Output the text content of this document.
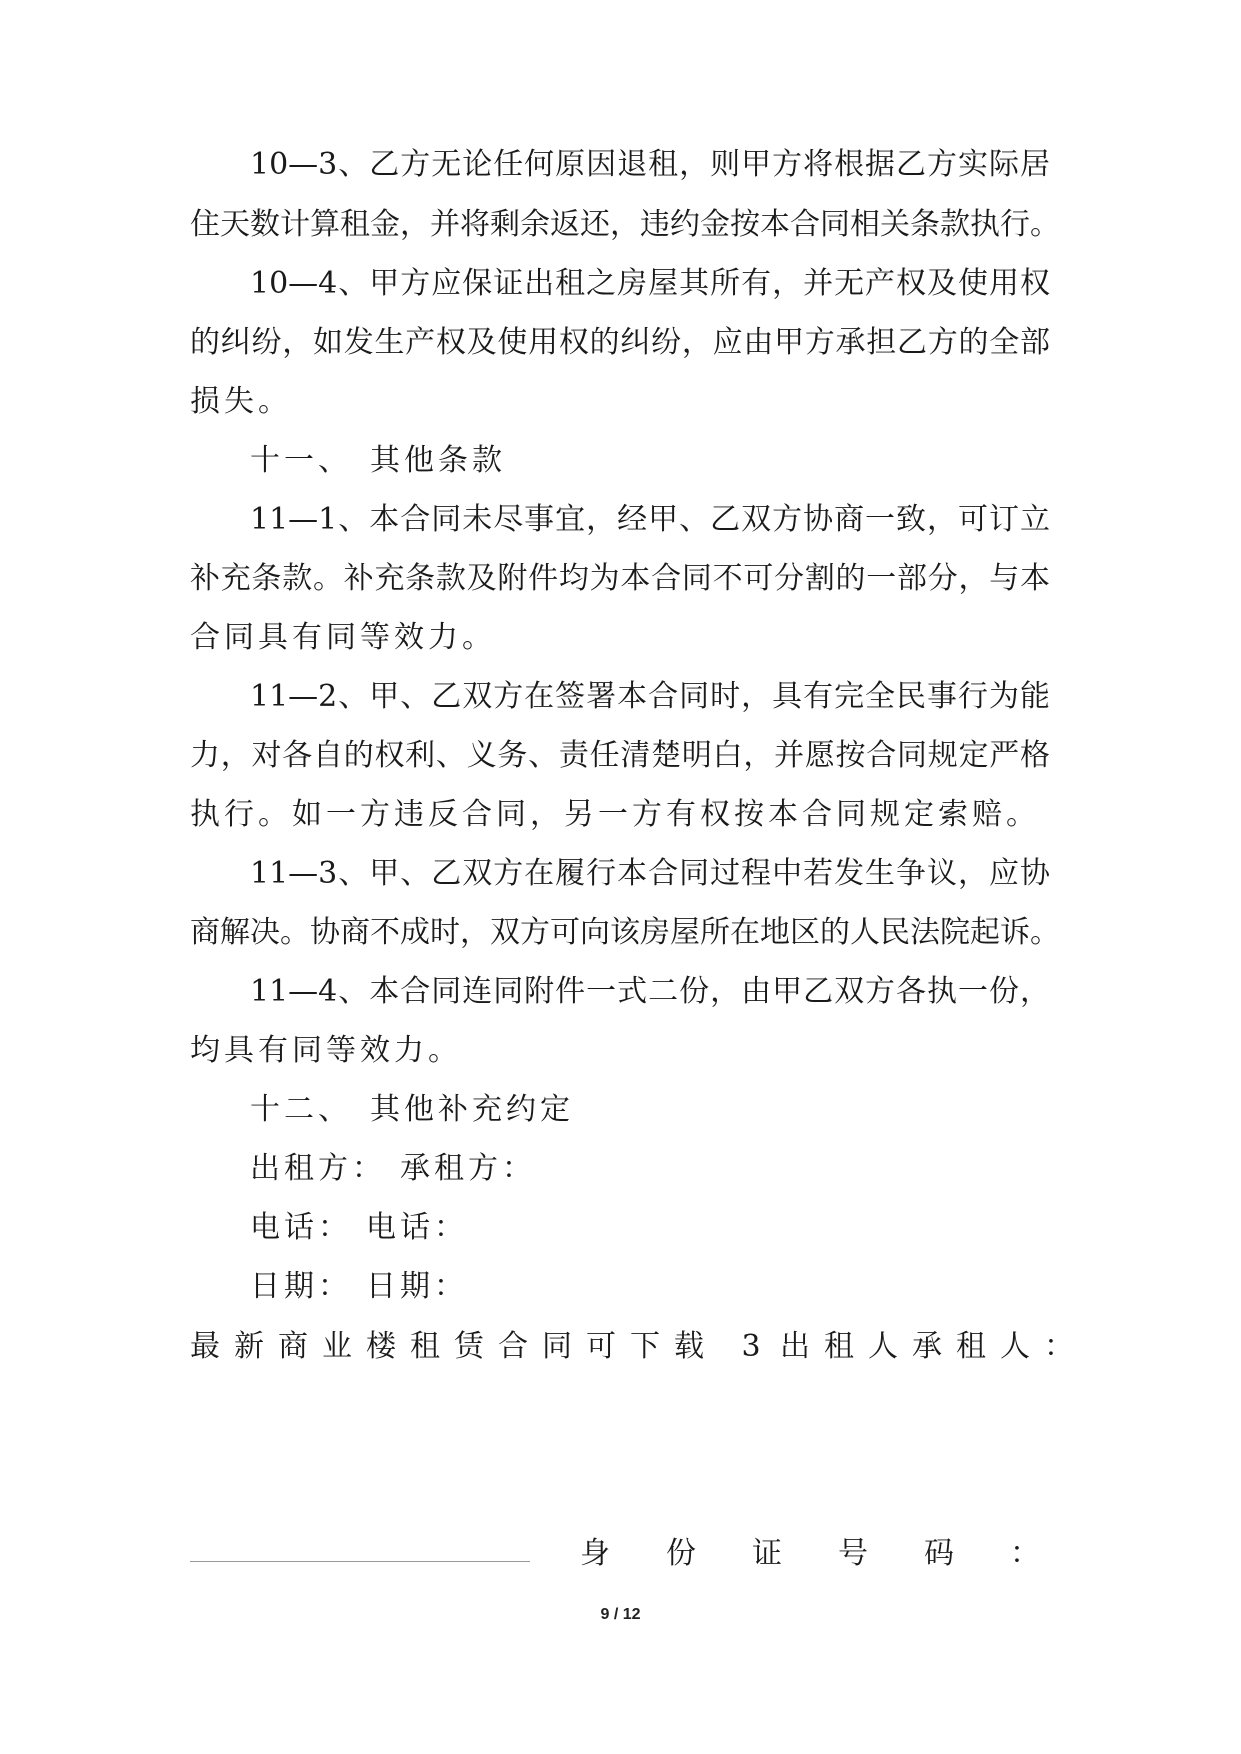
10—3、乙方无论任何原因退租，则甲方将根据乙方实际居
住天数计算租金，并将剩余返还，违约金按本合同相关条款执行。
10—4、甲方应保证出租之房屋其所有，并无产权及使用权
的纠纷，如发生产权及使用权的纠纷，应由甲方承担乙方的全部
损失。
十一、 其他条款
11—1、本合同未尽事宜，经甲、乙双方协商一致，可订立
补充条款。补充条款及附件均为本合同不可分割的一部分，与本
合同具有同等效力。
11—2、甲、乙双方在签署本合同时，具有完全民事行为能
力，对各自的权利、义务、责任清楚明白，并愿按合同规定严格
执行。如一方违反合同，另一方有权按本合同规定索赔。
11—3、甲、乙双方在履行本合同过程中若发生争议，应协
商解决。协商不成时，双方可向该房屋所在地区的人民法院起诉。
11—4、本合同连同附件一式二份，由甲乙双方各执一份，
均具有同等效力。
十二、 其他补充约定
出租方： 承租方：
电话： 电话：
日期： 日期：
最新商业楼租赁合同可下载 3 出租人承租人：
身 份 证 号 码 ：
9 / 12
